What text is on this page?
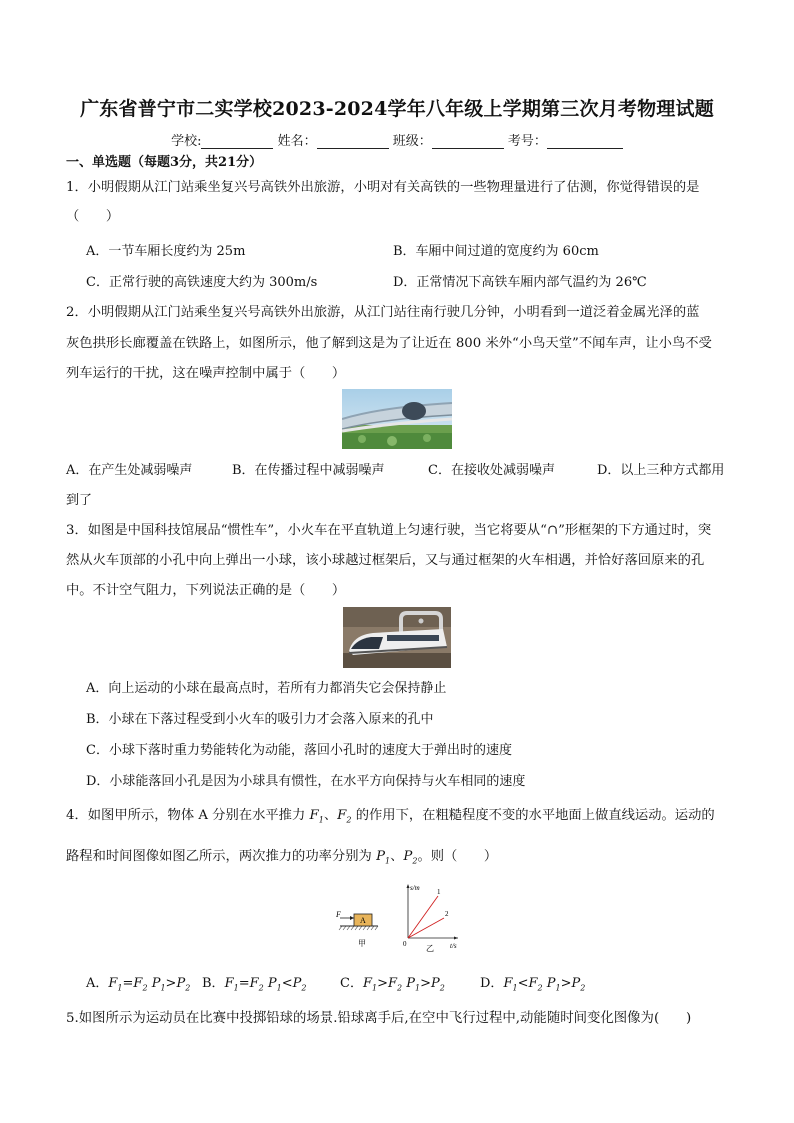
广东省普宁市二实学校2023-2024学年八年级上学期第三次月考物理试题
学校:	姓名：	班级：	考号：
一、单选题（每题3分，共21分）
1．小明假期从江门站乘坐复兴号高铁外出旅游，小明对有关高铁的一些物理量进行了估测，你觉得错误的是
（　　）
A．一节车厢长度约为 25m	B．车厢中间过道的宽度约为 60cm
C．正常行驶的高铁速度大约为 300m/s	D．正常情况下高铁车厢内部气温约为 26℃
2．小明假期从江门站乘坐复兴号高铁外出旅游，从江门站往南行驶几分钟，小明看到一道泛着金属光泽的蓝
灰色拱形长廊覆盖在铁路上，如图所示，他了解到这是为了让近在 800 米外“小鸟天堂”不闻车声，让小鸟不受
列车运行的干扰，这在噪声控制中属于（　　）
A．在产生处减弱噪声	B．在传播过程中减弱噪声	C．在接收处减弱噪声	D．以上三种方式都用
到了
3．如图是中国科技馆展品“惯性车”，小火车在平直轨道上匀速行驶，当它将要从“∩”形框架的下方通过时，突
然从火车顶部的小孔中向上弹出一小球，该小球越过框架后，又与通过框架的火车相遇，并恰好落回原来的孔
中。不计空气阻力，下列说法正确的是（　　）
A．向上运动的小球在最高点时，若所有力都消失它会保持静止
B．小球在下落过程受到小火车的吸引力才会落入原来的孔中
C．小球下落时重力势能转化为动能，落回小孔时的速度大于弹出时的速度
D．小球能落回小孔是因为小球具有惯性，在水平方向保持与火车相同的速度
4．如图甲所示，物体 A 分别在水平推力 $F_1$、$F_2$ 的作用下，在粗糙程度不变的水平地面上做直线运动。运动的
路程和时间图像如图乙所示，两次推力的功率分别为 $P_1$、$P_2$。则（　　）
F
A
甲
s/m
t/s
0
1
2
乙
A．$F_1=F_2$ $P_1>P_2$ B．$F_1=F_2$ $P_1<P_2$	C．$F_1>F_2$ $P_1>P_2$	D．$F_1<F_2$ $P_1>P_2$
5.如图所示为运动员在比赛中投掷铅球的场景.铅球离手后,在空中飞行过程中,动能随时间变化图像为(　　)
